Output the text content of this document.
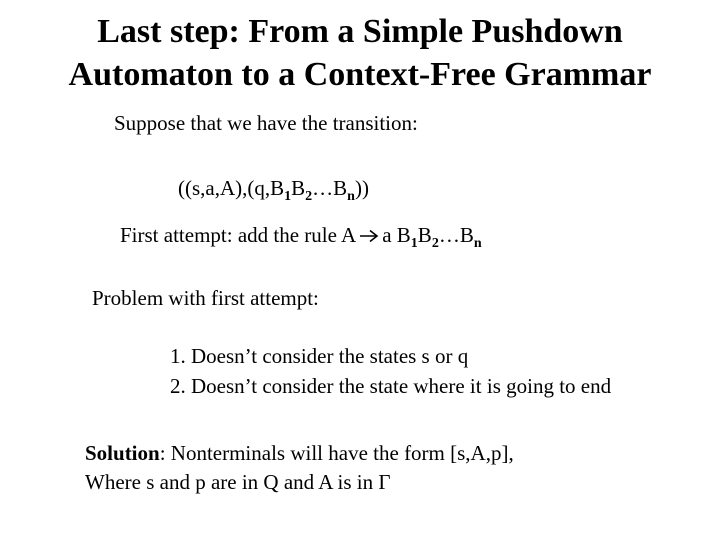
Last step: From a Simple Pushdown
Automaton to a Context-Free Grammar
Suppose that we have the transition:
$((s,a,A),(q,B_1B_2\dots B_n))$
First attempt: add the rule A a $B_1B_2\dots B_n$
Problem with first attempt:
1. Doesn’t consider the states s or q
2. Doesn’t consider the state where it is going to end
Solution: Nonterminals will have the form [s,A,p],
Where s and p are in Q and A is in Γ
